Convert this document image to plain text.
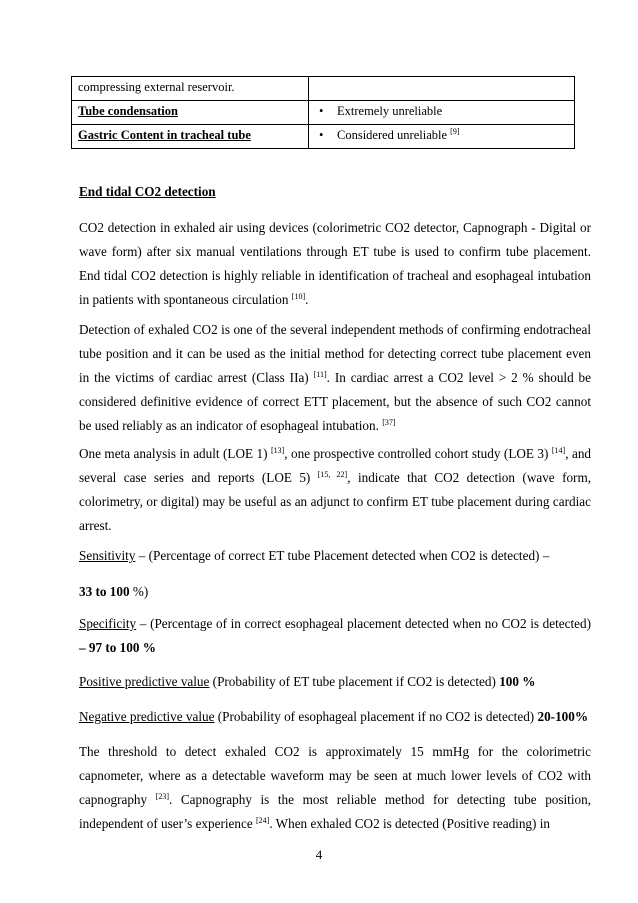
compressing external reservoir.	
Tube condensation	• Extremely unreliable
Gastric Content in tracheal tube	• Considered unreliable [9]

End tidal CO2 detection

CO2 detection in exhaled air using devices (colorimetric CO2 detector, Capnograph - Digital or wave form) after six manual ventilations through ET tube is used to confirm tube placement. End tidal CO2 detection is highly reliable in identification of tracheal and esophageal intubation in patients with spontaneous circulation [10].

Detection of exhaled CO2 is one of the several independent methods of confirming endotracheal tube position and it can be used as the initial method for detecting correct tube placement even in the victims of cardiac arrest (Class IIa) [11]. In cardiac arrest a CO2 level > 2 % should be considered definitive evidence of correct ETT placement, but the absence of such CO2 cannot be used reliably as an indicator of esophageal intubation. [37]

One meta analysis in adult (LOE 1) [13], one prospective controlled cohort study (LOE 3) [14], and several case series and reports (LOE 5) [15, 22], indicate that CO2 detection (wave form, colorimetry, or digital) may be useful as an adjunct to confirm ET tube placement during cardiac arrest.

Sensitivity – (Percentage of correct ET tube Placement detected when CO2 is detected) –

33 to 100 %)

Specificity – (Percentage of in correct esophageal placement detected when no CO2 is detected) – 97 to 100 %

Positive predictive value (Probability of ET tube placement if CO2 is detected) 100 %

Negative predictive value (Probability of esophageal placement if no CO2 is detected) 20-100%

The threshold to detect exhaled CO2 is approximately 15 mmHg for the colorimetric capnometer, where as a detectable waveform may be seen at much lower levels of CO2 with capnography [23]. Capnography is the most reliable method for detecting tube position, independent of user’s experience [24]. When exhaled CO2 is detected (Positive reading) in

4
